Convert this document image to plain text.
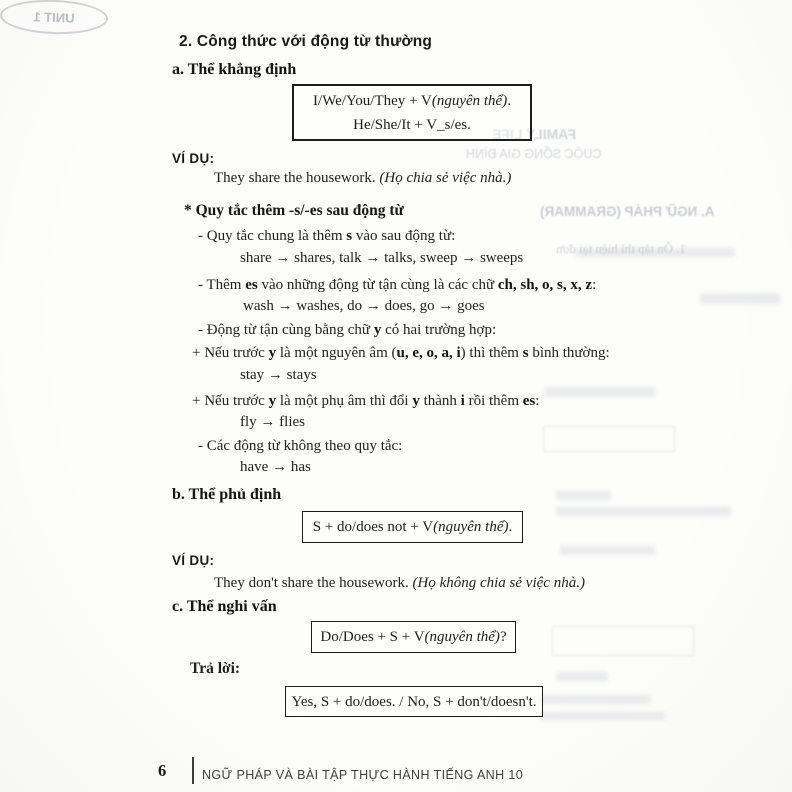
UNIT 1
FAMILY LIFE
CUỘC SỐNG GIA ĐÌNH
A. NGỮ PHÁP (GRAMMAR)
1. Ôn tập thì hiện tại đơn
2. Công thức với động từ thường
a. Thể khẳng định
I/We/You/They + V(nguyên thể).
He/She/It + V_s/es.
VÍ DỤ:
They share the housework. (Họ chia sẻ việc nhà.)
* Quy tắc thêm -s/-es sau động từ
- Quy tắc chung là thêm s vào sau động từ:
share → shares, talk → talks, sweep → sweeps
- Thêm es vào những động từ tận cùng là các chữ ch, sh, o, s, x, z:
wash → washes, do → does, go → goes
- Động từ tận cùng bằng chữ y có hai trường hợp:
+ Nếu trước y là một nguyên âm (u, e, o, a, i) thì thêm s bình thường:
stay → stays
+ Nếu trước y là một phụ âm thì đổi y thành i rồi thêm es:
fly → flies
- Các động từ không theo quy tắc:
have → has
b. Thể phủ định
S + do/does not + V(nguyên thể).
VÍ DỤ:
They don't share the housework. (Họ không chia sẻ việc nhà.)
c. Thể nghi vấn
Do/Does + S + V(nguyên thể)?
Trả lời:
Yes, S + do/does. / No, S + don't/doesn't.
6	NGỮ PHÁP VÀ BÀI TẬP THỰC HÀNH TIẾNG ANH 10
